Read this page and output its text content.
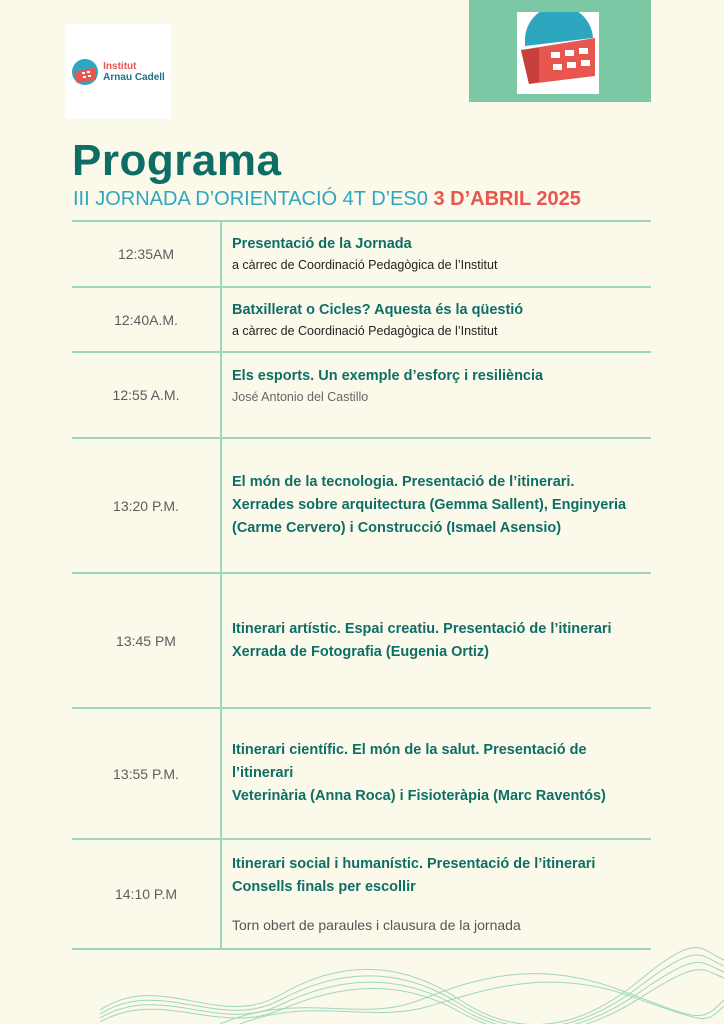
Institut
Arnau Cadell
Programa
III JORNADA D’ORIENTACIÓ 4T D’ES0 3 D’ABRIL 2025
12:35AM	Presentació de la Jornada
a càrrec de Coordinació Pedagògica de l’Institut

12:40A.M.	Batxillerat o Cicles? Aquesta és la qüestió
a càrrec de Coordinació Pedagògica de l’Institut

12:55 A.M.	Els esports. Un exemple d’esforç i resiliència
José Antonio del Castillo

13:20 P.M.	El món de la tecnologia. Presentació de l’itinerari.
Xerrades sobre arquitectura (Gemma Sallent), Enginyeria (Carme Cervero) i Construcció (Ismael Asensio)

13:45 PM	Itinerari artístic. Espai creatiu. Presentació de l’itinerari
Xerrada de Fotografia (Eugenia Ortiz)

13:55 P.M.	Itinerari científic. El món de la salut. Presentació de l’itinerari
Veterinària (Anna Roca) i Fisioteràpia (Marc Raventós)

14:10 P.M	Itinerari social i humanístic. Presentació de l’itinerari
Consells finals per escollir
Torn obert de paraules i clausura de la jornada
